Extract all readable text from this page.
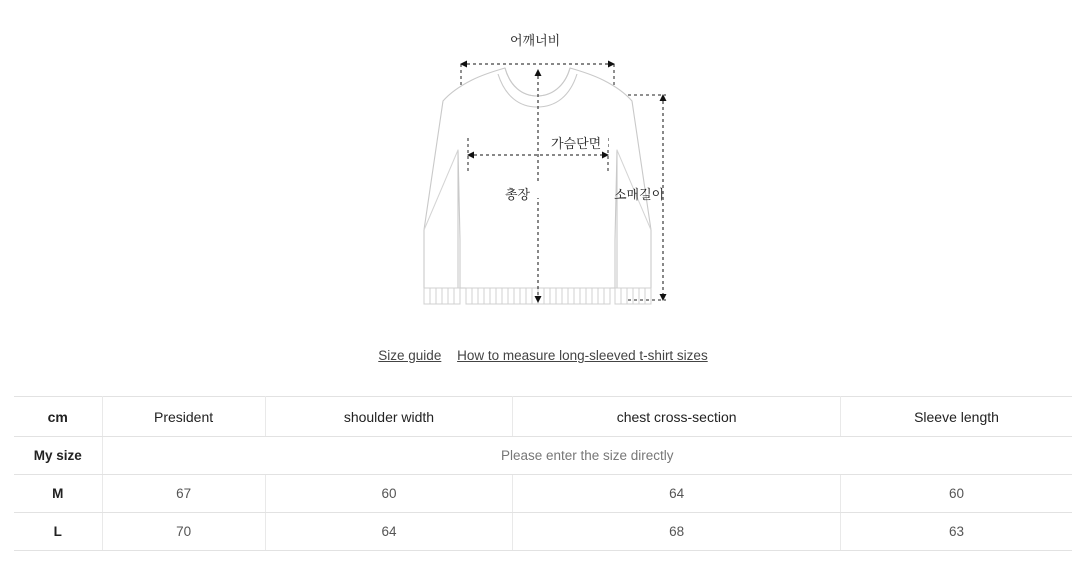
어깨너비
가슴단면
총장	소매길이
Size guide How to measure long-sleeved t-shirt sizes
cm	President	shoulder width	chest cross-section	Sleeve length
My size	Please enter the size directly			
M	67	60	64	60
L	70	64	68	63
